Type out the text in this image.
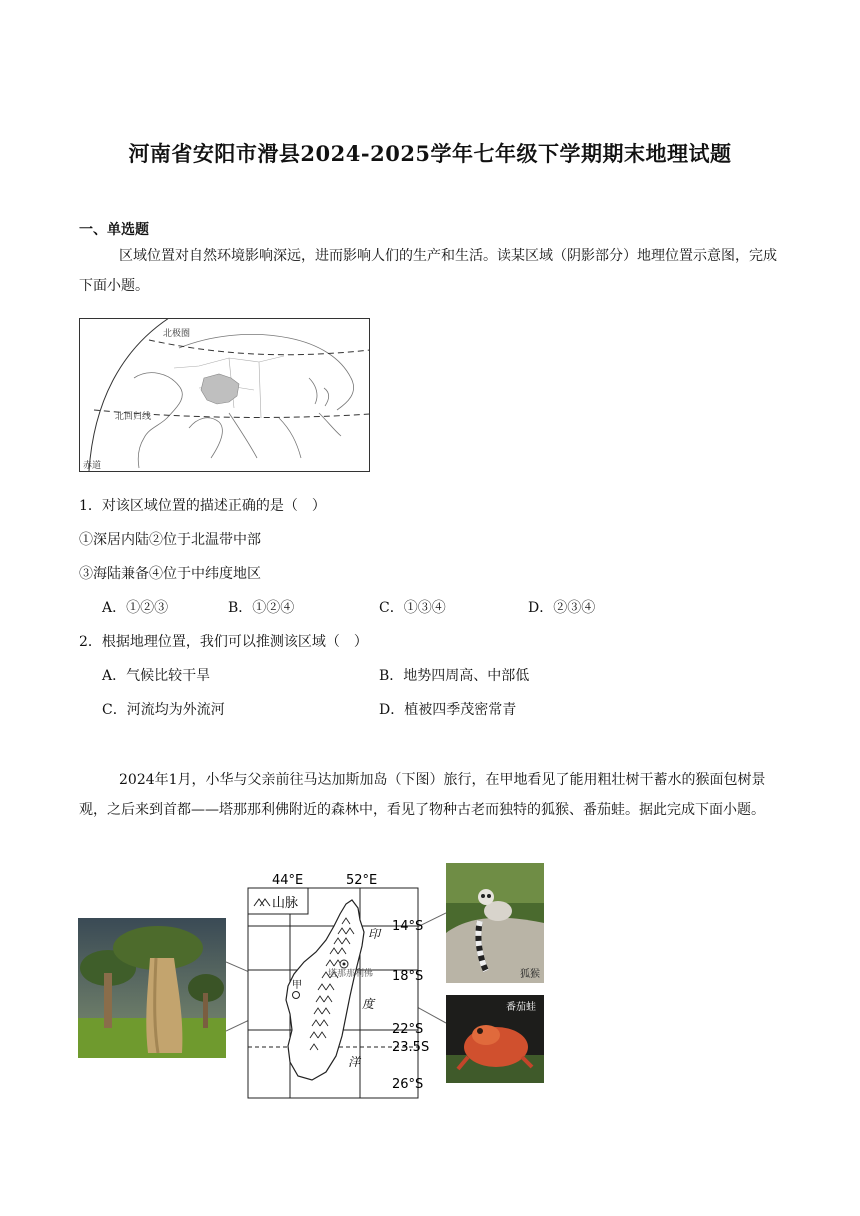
河南省安阳市滑县2024-2025学年七年级下学期期末地理试题
一、单选题
区域位置对自然环境影响深远，进而影响人们的生产和生活。读某区域（阴影部分）地理位置示意图，完成下面小题。
北极圈
北回归线
赤道
1．对该区域位置的描述正确的是（　）
①深居内陆②位于北温带中部
③海陆兼备④位于中纬度地区
A．①②③	B．①②④	C．①③④	D．②③④
2．根据地理位置，我们可以推测该区域（　）
A．气候比较干旱	B．地势四周高、中部低
C．河流均为外流河	D．植被四季茂密常青
2024年1月，小华与父亲前往马达加斯加岛（下图）旅行，在甲地看见了能用粗壮树干蓄水的猴面包树景观，之后来到首都——塔那那利佛附近的森林中，看见了物种古老而独特的狐猴、番茄蛙。据此完成下面小题。
44°E	52°E
山脉
塔那那利佛
甲
印
度
洋
14°S
18°S
22°S
23.5S
26°S
狐猴
番茄蛙
